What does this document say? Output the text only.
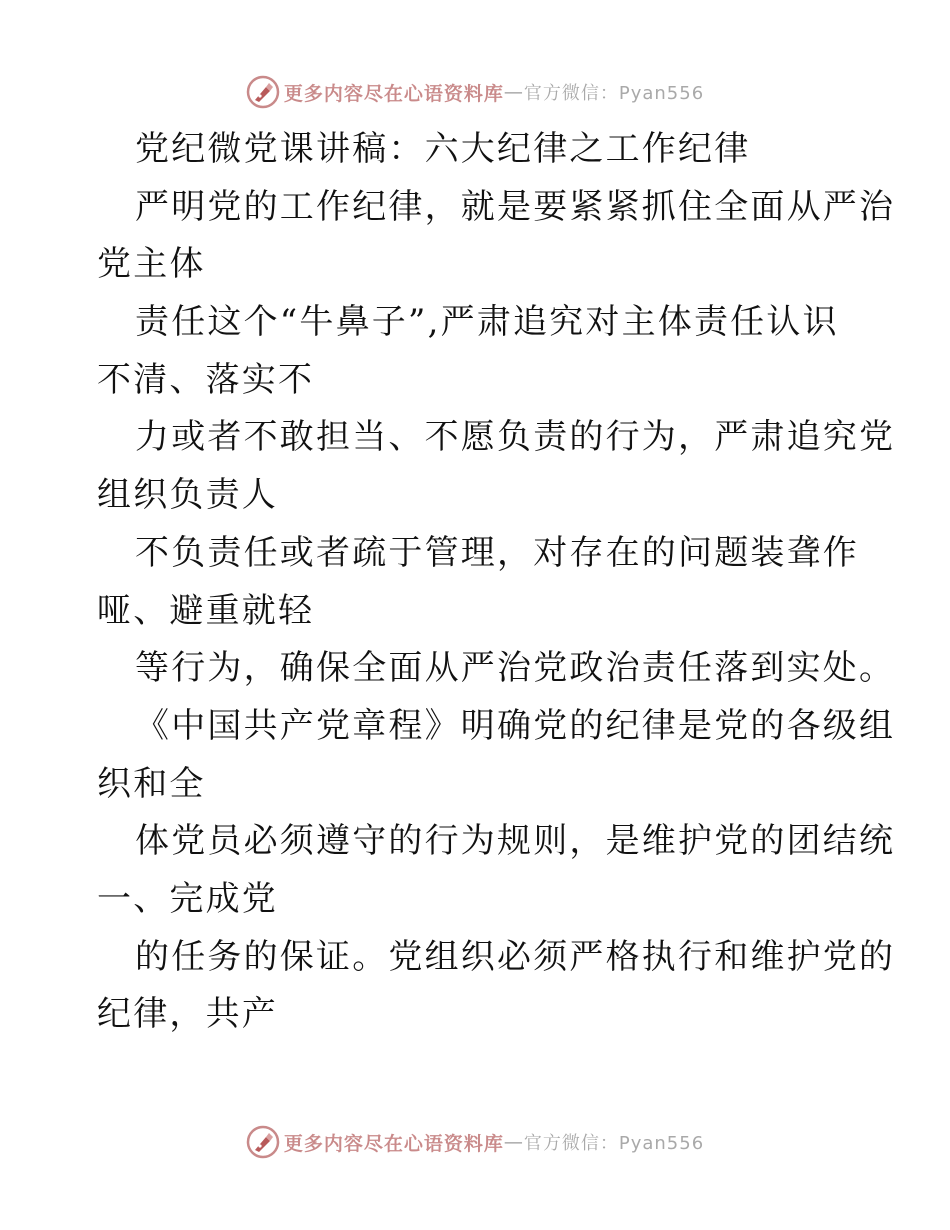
更多内容尽在心语资料库 — 官方微信：Pyan556
党纪微党课讲稿：六大纪律之工作纪律
严明党的工作纪律，就是要紧紧抓住全面从严治
党主体
责任这个“牛鼻子”,严肃追究对主体责任认识
不清、落实不
力或者不敢担当、不愿负责的行为，严肃追究党
组织负责人
不负责任或者疏于管理，对存在的问题装聋作
哑、避重就轻
等行为，确保全面从严治党政治责任落到实处。
《中国共产党章程》明确党的纪律是党的各级组
织和全
体党员必须遵守的行为规则，是维护党的团结统
一、完成党
的任务的保证。党组织必须严格执行和维护党的
纪律，共产
更多内容尽在心语资料库 — 官方微信：Pyan556
